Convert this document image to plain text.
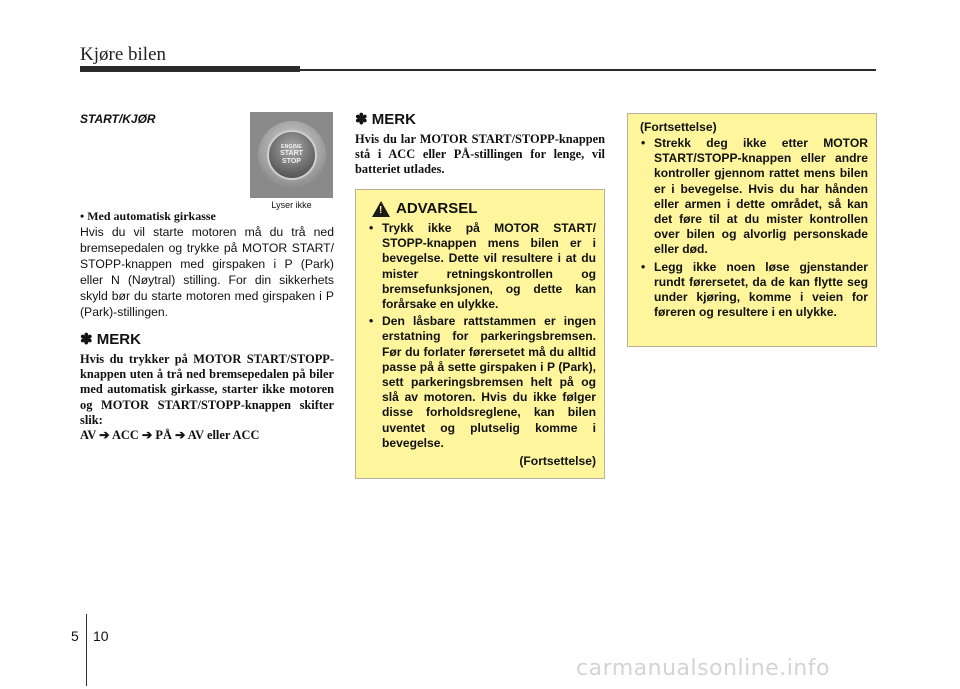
Kjøre bilen

START/KJØR

ENGINE
START
STOP
Lyser ikke
• Med automatisk girkasse

Hvis du vil starte motoren må du trå ned bremsepedalen og trykke på MOTOR START/ STOPP-knappen med girspaken i P (Park) eller N (Nøytral) stilling. For din sikkerhets skyld bør du starte motoren med girspaken i P (Park)-stillingen.

✽ MERK

Hvis du trykker på MOTOR START/STOPP-knappen uten å trå ned bremsepedalen på biler med automatisk girkasse, starter ikke motoren og MOTOR START/STOPP-knappen skifter slik:
AV ➔ ACC ➔ PÅ ➔ AV eller ACC

✽ MERK

Hvis du lar MOTOR START/STOPP-knappen stå i ACC eller PÅ-stillingen for lenge, vil batteriet utlades.

! ADVARSEL
• Trykk ikke på MOTOR START/ STOPP-knappen mens bilen er i bevegelse. Dette vil resultere i at du mister retningskontrollen og bremsefunksjonen, og dette kan forårsake en ulykke.
• Den låsbare rattstammen er ingen erstatning for parkeringsbremsen. Før du forlater førersetet må du alltid passe på å sette girspaken i P (Park), sett parkeringsbremsen helt på og slå av motoren. Hvis du ikke følger disse forholdsreglene, kan bilen uventet og plutselig komme i bevegelse.
(Fortsettelse)

(Fortsettelse)

• Strekk deg ikke etter MOTOR START/STOPP-knappen eller andre kontroller gjennom rattet mens bilen er i bevegelse. Hvis du har hånden eller armen i dette området, så kan det føre til at du mister kontrollen over bilen og alvorlig personskade eller død.
• Legg ikke noen løse gjenstander rundt førersetet, da de kan flytte seg under kjøring, komme i veien for føreren og resultere i en ulykke.
5 10
carmanualsonline.info
